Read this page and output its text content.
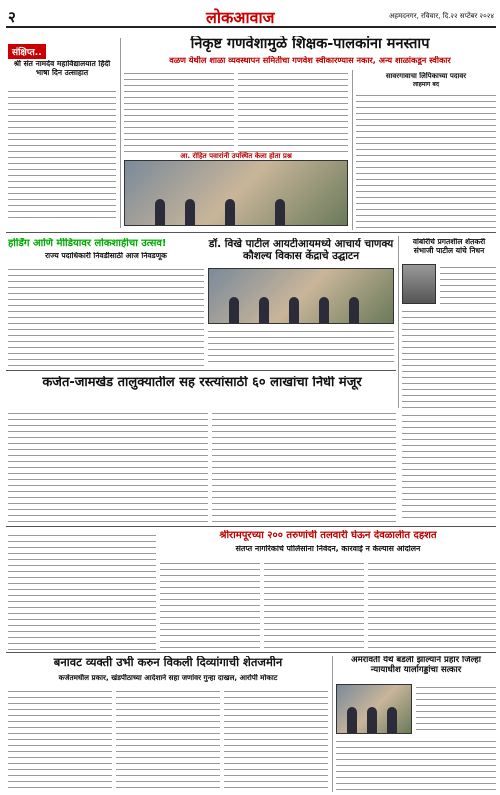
२	लोकआवाज	अहमदनगर, रविवार, दि.२२ सप्टेंबर २०२४
संक्षिप्त..
श्री संत नामदेव महाविद्यालयात हिंदी भाषा दिन उत्साहात
निकृष्ट गणवेशामुळे शिक्षक-पालकांना मनस्ताप
वळण येथील शाळा व्यवस्थापन समितीचा गणवेश स्वीकारण्यास नकार, अन्य शाळांकडून स्वीकार
आ. रोहित पवारांनी उपस्थित केला होता प्रश्न
सावरगावाचा लिपिकाच्या पदावर
लोहमार्ग बंद
होर्डिंग आणि मीडियावर लोकशाहीचा उत्सव!
राज्य पदाधिकारी निवडीसाठी आज निवडणूक
डॉ. विखे पाटील आयटीआयमध्ये आचार्य चाणक्य कौशल्य विकास केंद्राचे उद्घाटन
वांबोरीचे प्रगतशील शेतकरी संभाजी पाटील यांचे निधन
कर्जत-जामखेड तालुक्यातील सह रस्त्यांसाठी ६० लाखांचा निधी मंजूर
श्रीरामपूरच्या २०० तरुणांची तलवारी घेऊन देवळालीत दहशत
संतप्त नागरिकांचे पोलिसांना निवेदन, कारवाई न केल्यास आंदोलन
बनावट व्यक्ती उभी करुन विकली दिव्यांगाची शेतजमीन
कर्जतमधील प्रकार, खंडपीठाच्या आदेशाने सहा जणांवर गुन्हा दाखल, आरोपी मोकाट
अमरावती येथे बडली झाल्याने प्रहार जिल्हा न्यायाधीश यार्लागड्डांचा सत्कार
